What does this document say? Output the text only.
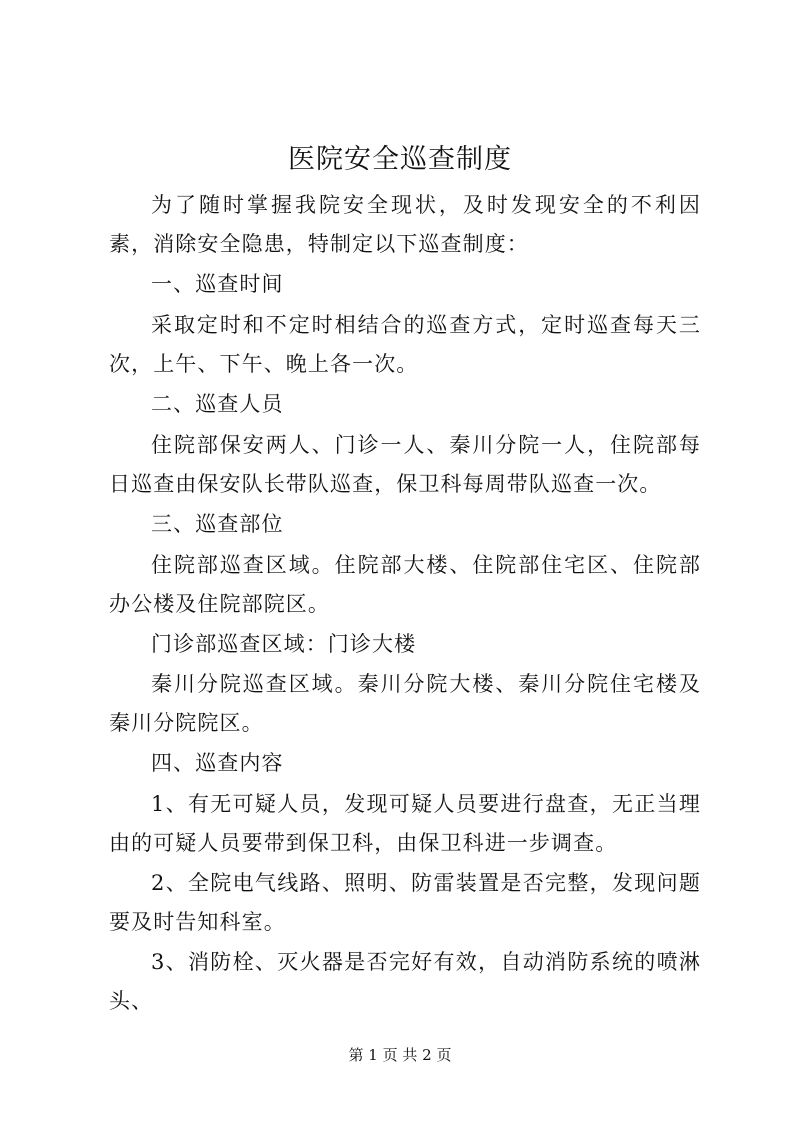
医院安全巡查制度

为了随时掌握我院安全现状，及时发现安全的不利因素，消除安全隐患，特制定以下巡查制度：

一、巡查时间

采取定时和不定时相结合的巡查方式，定时巡查每天三次，上午、下午、晚上各一次。

二、巡查人员

住院部保安两人、门诊一人、秦川分院一人，住院部每日巡查由保安队长带队巡查，保卫科每周带队巡查一次。

三、巡查部位

住院部巡查区域。住院部大楼、住院部住宅区、住院部办公楼及住院部院区。

门诊部巡查区域：门诊大楼

秦川分院巡查区域。秦川分院大楼、秦川分院住宅楼及秦川分院院区。

四、巡查内容

1、有无可疑人员，发现可疑人员要进行盘查，无正当理由的可疑人员要带到保卫科，由保卫科进一步调查。

2、全院电气线路、照明、防雷装置是否完整，发现问题要及时告知科室。

3、消防栓、灭火器是否完好有效，自动消防系统的喷淋头、

第 1 页 共 2 页
